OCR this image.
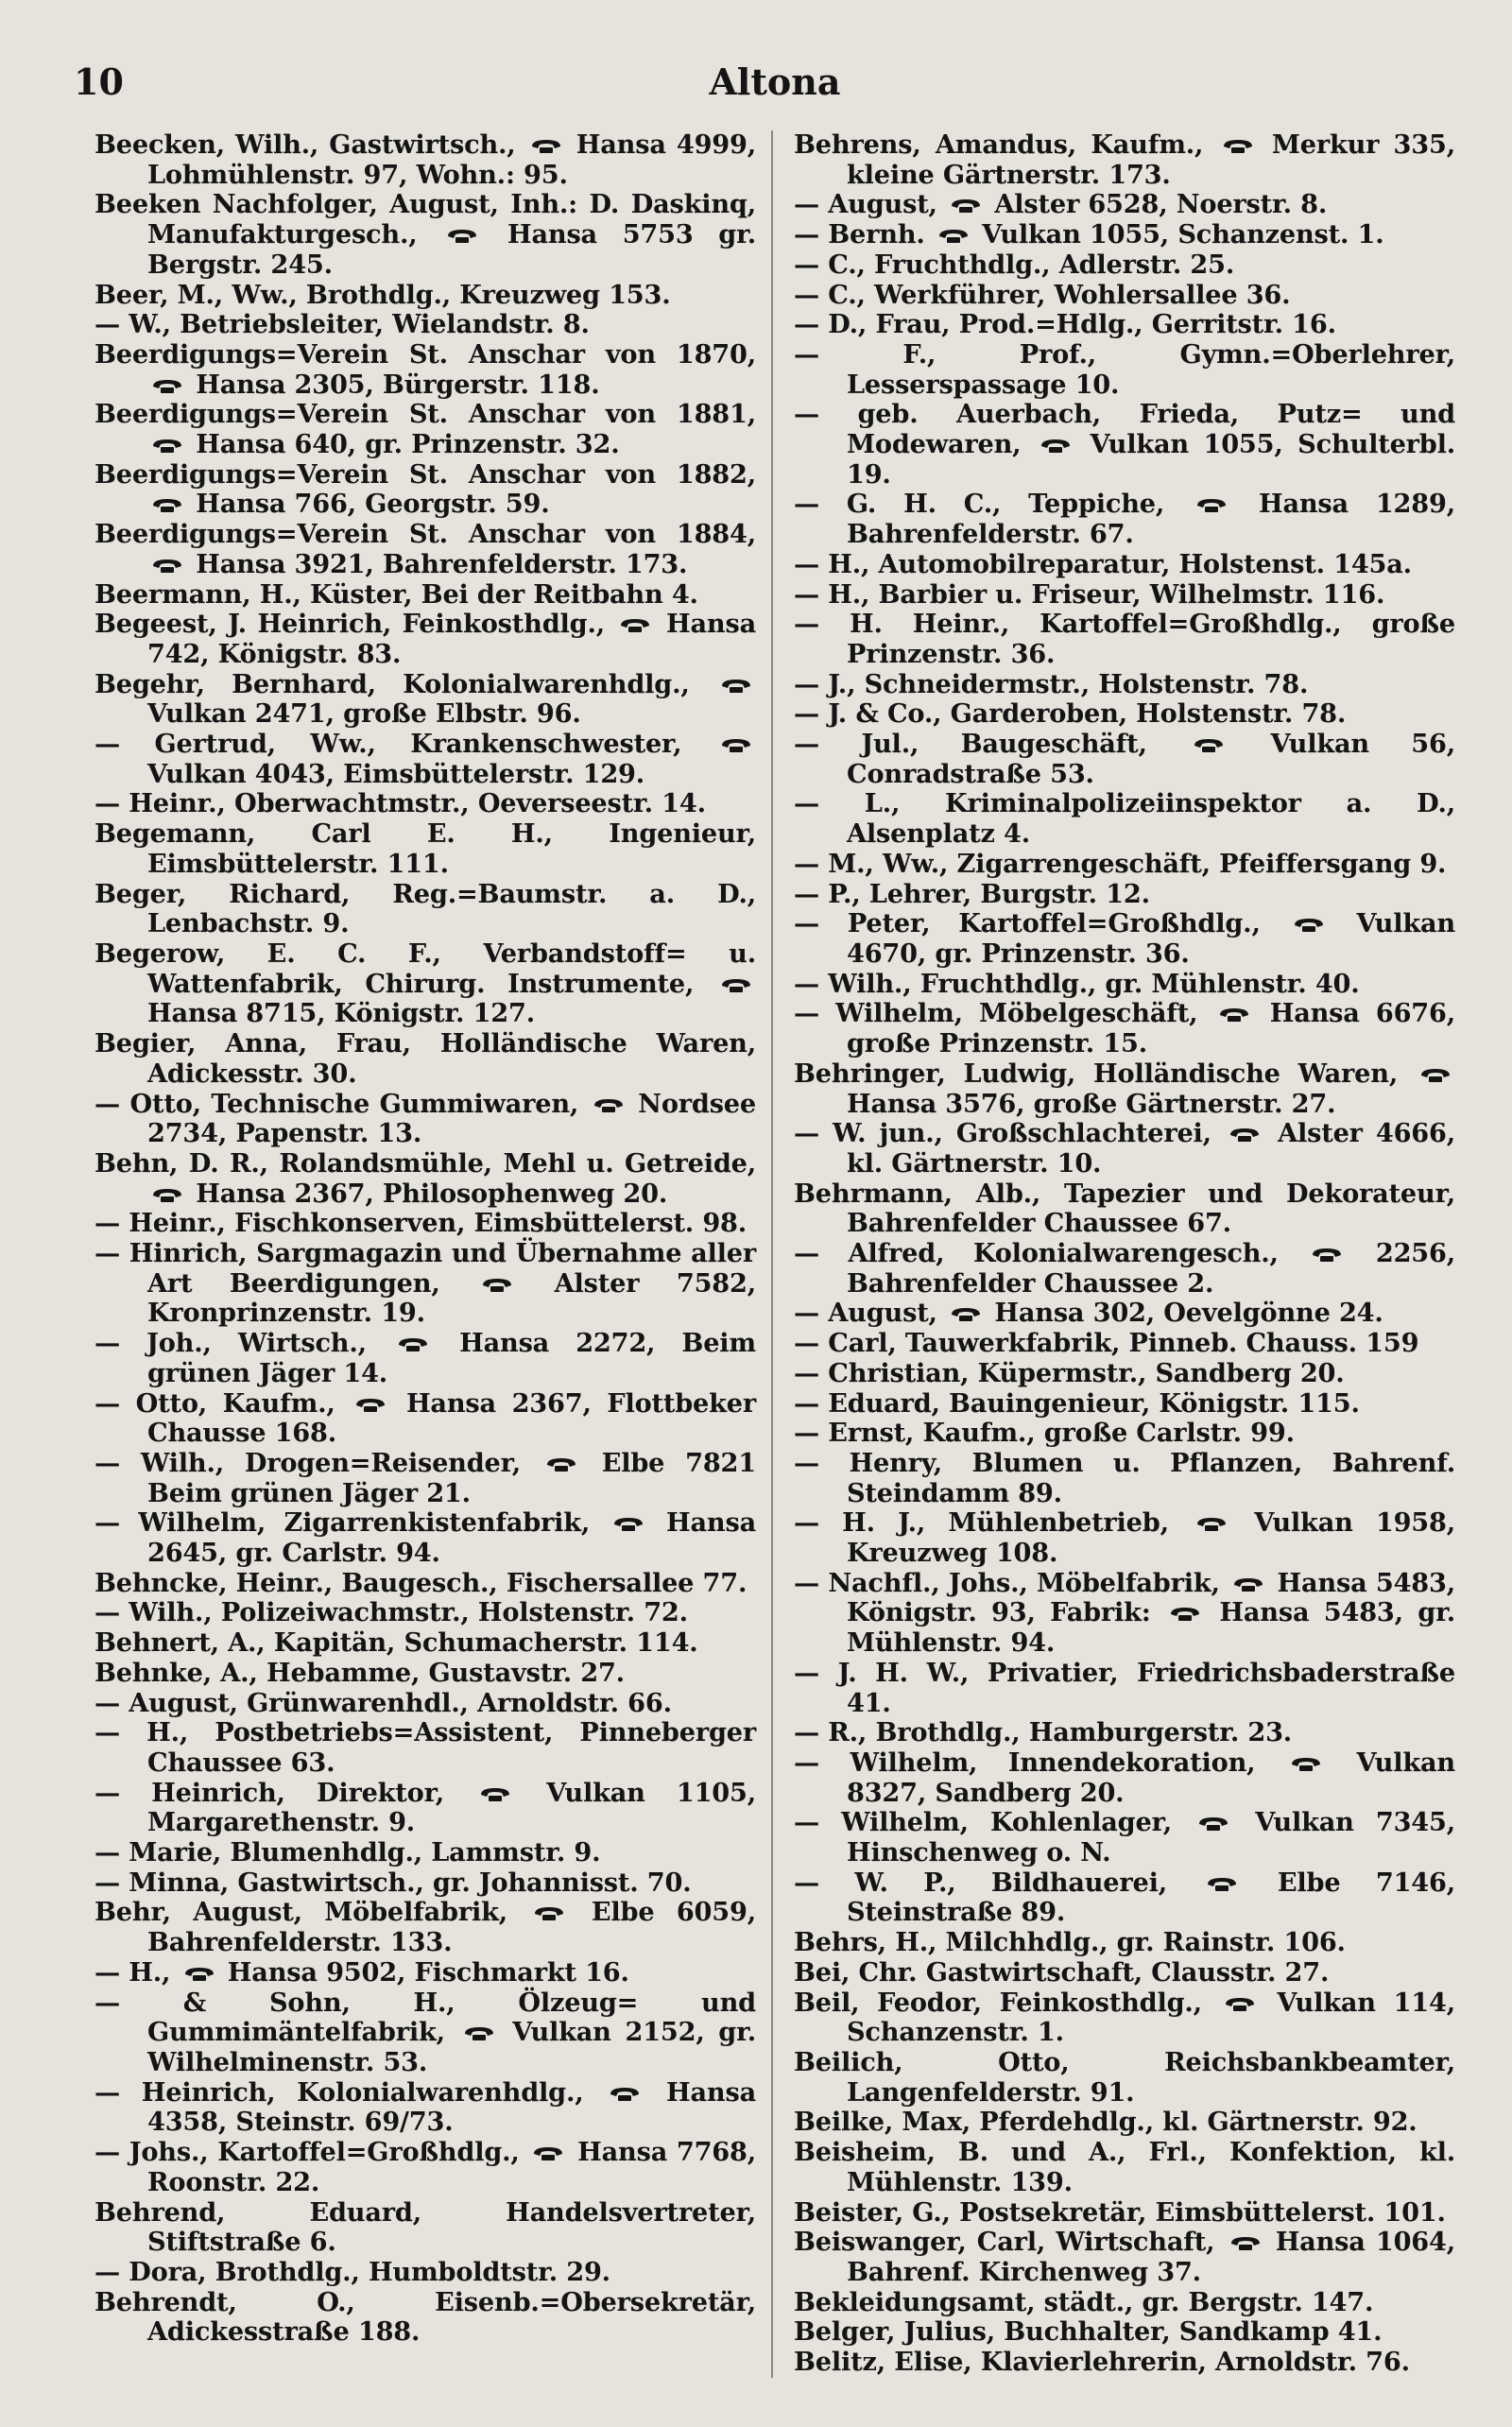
10	Altona
Beecken, Wilh., Gastwirtsch.,  Hansa 4999, Lohmühlenstr. 97, Wohn.: 95.
Beeken Nachfolger, August, Inh.: D. Daskinq, Manufakturgesch.,  Hansa 5753 gr. Bergstr. 245.
Beer, M., Ww., Brothdlg., Kreuzweg 153.
— W., Betriebsleiter, Wielandstr. 8.
Beerdigungs=Verein St. Anschar von 1870,  Hansa 2305, Bürgerstr. 118.
Beerdigungs=Verein St. Anschar von 1881,  Hansa 640, gr. Prinzenstr. 32.
Beerdigungs=Verein St. Anschar von 1882,  Hansa 766, Georgstr. 59.
Beerdigungs=Verein St. Anschar von 1884,  Hansa 3921, Bahrenfelderstr. 173.
Beermann, H., Küster, Bei der Reitbahn 4.
Begeest, J. Heinrich, Feinkosthdlg.,  Hansa 742, Königstr. 83.
Begehr, Bernhard, Kolonialwarenhdlg.,  Vulkan 2471, große Elbstr. 96.
— Gertrud, Ww., Krankenschwester,  Vulkan 4043, Eimsbüttelerstr. 129.
— Heinr., Oberwachtmstr., Oeverseestr. 14.
Begemann, Carl E. H., Ingenieur, Eimsbüttelerstr. 111.
Beger, Richard, Reg.=Baumstr. a. D., Lenbachstr. 9.
Begerow, E. C. F., Verbandstoff= u. Wattenfabrik, Chirurg. Instrumente,  Hansa 8715, Königstr. 127.
Begier, Anna, Frau, Holländische Waren, Adickesstr. 30.
— Otto, Technische Gummiwaren,  Nordsee 2734, Papenstr. 13.
Behn, D. R., Rolandsmühle, Mehl u. Getreide,  Hansa 2367, Philosophenweg 20.
— Heinr., Fischkonserven, Eimsbüttelerst. 98.
— Hinrich, Sargmagazin und Übernahme aller Art Beerdigungen,  Alster 7582, Kronprinzenstr. 19.
— Joh., Wirtsch.,  Hansa 2272, Beim grünen Jäger 14.
— Otto, Kaufm.,  Hansa 2367, Flottbeker Chausse 168.
— Wilh., Drogen=Reisender,  Elbe 7821 Beim grünen Jäger 21.
— Wilhelm, Zigarrenkistenfabrik,  Hansa 2645, gr. Carlstr. 94.
Behncke, Heinr., Baugesch., Fischersallee 77.
— Wilh., Polizeiwachmstr., Holstenstr. 72.
Behnert, A., Kapitän, Schumacherstr. 114.
Behnke, A., Hebamme, Gustavstr. 27.
— August, Grünwarenhdl., Arnoldstr. 66.
— H., Postbetriebs=Assistent, Pinneberger Chaussee 63.
— Heinrich, Direktor,  Vulkan 1105, Margarethenstr. 9.
— Marie, Blumenhdlg., Lammstr. 9.
— Minna, Gastwirtsch., gr. Johannisst. 70.
Behr, August, Möbelfabrik,  Elbe 6059, Bahrenfelderstr. 133.
— H.,  Hansa 9502, Fischmarkt 16.
— & Sohn, H., Ölzeug= und Gummimäntelfabrik,  Vulkan 2152, gr. Wilhelminenstr. 53.
— Heinrich, Kolonialwarenhdlg.,  Hansa 4358, Steinstr. 69/73.
— Johs., Kartoffel=Großhdlg.,  Hansa 7768, Roonstr. 22.
Behrend, Eduard, Handelsvertreter, Stiftstraße 6.
— Dora, Brothdlg., Humboldtstr. 29.
Behrendt, O., Eisenb.=Obersekretär, Adickesstraße 188.
Behrens, Amandus, Kaufm.,  Merkur 335, kleine Gärtnerstr. 173.
— August,  Alster 6528, Noerstr. 8.
— Bernh.  Vulkan 1055, Schanzenst. 1.
— C., Fruchthdlg., Adlerstr. 25.
— C., Werkführer, Wohlersallee 36.
— D., Frau, Prod.=Hdlg., Gerritstr. 16.
— F., Prof., Gymn.=Oberlehrer, Lesserspassage 10.
— geb. Auerbach, Frieda, Putz= und Modewaren,  Vulkan 1055, Schulterbl. 19.
— G. H. C., Teppiche,  Hansa 1289, Bahrenfelderstr. 67.
— H., Automobilreparatur, Holstenst. 145a.
— H., Barbier u. Friseur, Wilhelmstr. 116.
— H. Heinr., Kartoffel=Großhdlg., große Prinzenstr. 36.
— J., Schneidermstr., Holstenstr. 78.
— J. & Co., Garderoben, Holstenstr. 78.
— Jul., Baugeschäft,  Vulkan 56, Conradstraße 53.
— L., Kriminalpolizeiinspektor a. D., Alsenplatz 4.
— M., Ww., Zigarrengeschäft, Pfeiffersgang 9.
— P., Lehrer, Burgstr. 12.
— Peter, Kartoffel=Großhdlg.,  Vulkan 4670, gr. Prinzenstr. 36.
— Wilh., Fruchthdlg., gr. Mühlenstr. 40.
— Wilhelm, Möbelgeschäft,  Hansa 6676, große Prinzenstr. 15.
Behringer, Ludwig, Holländische Waren,  Hansa 3576, große Gärtnerstr. 27.
— W. jun., Großschlachterei,  Alster 4666, kl. Gärtnerstr. 10.
Behrmann, Alb., Tapezier und Dekorateur, Bahrenfelder Chaussee 67.
— Alfred, Kolonialwarengesch.,  2256, Bahrenfelder Chaussee 2.
— August,  Hansa 302, Oevelgönne 24.
— Carl, Tauwerkfabrik, Pinneb. Chauss. 159
— Christian, Küpermstr., Sandberg 20.
— Eduard, Bauingenieur, Königstr. 115.
— Ernst, Kaufm., große Carlstr. 99.
— Henry, Blumen u. Pflanzen, Bahrenf. Steindamm 89.
— H. J., Mühlenbetrieb,  Vulkan 1958, Kreuzweg 108.
— Nachfl., Johs., Möbelfabrik,  Hansa 5483, Königstr. 93, Fabrik:  Hansa 5483, gr. Mühlenstr. 94.
— J. H. W., Privatier, Friedrichsbaderstraße 41.
— R., Brothdlg., Hamburgerstr. 23.
— Wilhelm, Innendekoration,  Vulkan 8327, Sandberg 20.
— Wilhelm, Kohlenlager,  Vulkan 7345, Hinschenweg o. N.
— W. P., Bildhauerei,  Elbe 7146, Steinstraße 89.
Behrs, H., Milchhdlg., gr. Rainstr. 106.
Bei, Chr. Gastwirtschaft, Clausstr. 27.
Beil, Feodor, Feinkosthdlg.,  Vulkan 114, Schanzenstr. 1.
Beilich, Otto, Reichsbankbeamter, Langenfelderstr. 91.
Beilke, Max, Pferdehdlg., kl. Gärtnerstr. 92.
Beisheim, B. und A., Frl., Konfektion, kl. Mühlenstr. 139.
Beister, G., Postsekretär, Eimsbüttelerst. 101.
Beiswanger, Carl, Wirtschaft,  Hansa 1064, Bahrenf. Kirchenweg 37.
Bekleidungsamt, städt., gr. Bergstr. 147.
Belger, Julius, Buchhalter, Sandkamp 41.
Belitz, Elise, Klavierlehrerin, Arnoldstr. 76.
